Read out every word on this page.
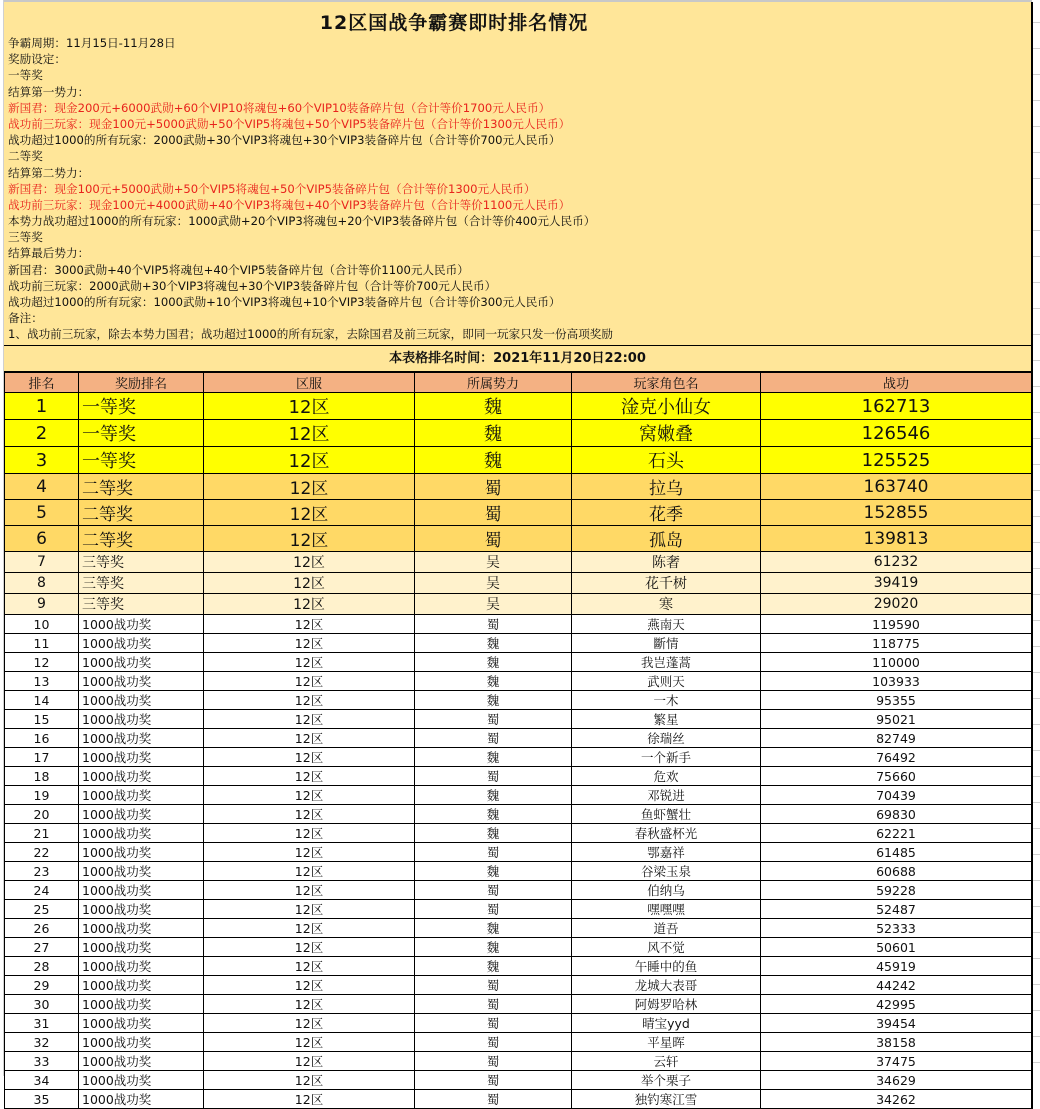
12区国战争霸赛即时排名情况
争霸周期：11月15日-11月28日
奖励设定：
一等奖
结算第一势力：
新国君：现金200元+6000武勋+60个VIP10将魂包+60个VIP10装备碎片包（合计等价1700元人民币）
战功前三玩家：现金100元+5000武勋+50个VIP5将魂包+50个VIP5装备碎片包（合计等价1300元人民币）
战功超过1000的所有玩家：2000武勋+30个VIP3将魂包+30个VIP3装备碎片包（合计等价700元人民币）
二等奖
结算第二势力：
新国君：现金100元+5000武勋+50个VIP5将魂包+50个VIP5装备碎片包（合计等价1300元人民币）
战功前三玩家：现金100元+4000武勋+40个VIP3将魂包+40个VIP3装备碎片包（合计等价1100元人民币）
本势力战功超过1000的所有玩家：1000武勋+20个VIP3将魂包+20个VIP3装备碎片包（合计等价400元人民币）
三等奖
结算最后势力：
新国君：3000武勋+40个VIP5将魂包+40个VIP5装备碎片包（合计等价1100元人民币）
战功前三玩家：2000武勋+30个VIP3将魂包+30个VIP3装备碎片包（合计等价700元人民币）
战功超过1000的所有玩家：1000武勋+10个VIP3将魂包+10个VIP3装备碎片包（合计等价300元人民币）
备注：
1、战功前三玩家，除去本势力国君；战功超过1000的所有玩家，去除国君及前三玩家，即同一玩家只发一份高项奖励
本表格排名时间：2021年11月20日22:00
排名	奖励排名	区服	所属势力	玩家角色名	战功
1	一等奖	12区	魏	淦克小仙女	162713
2	一等奖	12区	魏	窝嫩叠	126546
3	一等奖	12区	魏	石头	125525
4	二等奖	12区	蜀	拉乌	163740
5	二等奖	12区	蜀	花季	152855
6	二等奖	12区	蜀	孤岛	139813
7	三等奖	12区	吴	陈奢	61232
8	三等奖	12区	吴	花千树	39419
9	三等奖	12区	吴	寒	29020
10	1000战功奖	12区	蜀	燕南天	119590
11	1000战功奖	12区	魏	斷情	118775
12	1000战功奖	12区	魏	我岂蓬蒿	110000
13	1000战功奖	12区	魏	武则天	103933
14	1000战功奖	12区	魏	一木	95355
15	1000战功奖	12区	蜀	繁星	95021
16	1000战功奖	12区	蜀	徐瑞丝	82749
17	1000战功奖	12区	魏	一个新手	76492
18	1000战功奖	12区	蜀	危欢	75660
19	1000战功奖	12区	魏	邓锐进	70439
20	1000战功奖	12区	魏	鱼虾蟹壮	69830
21	1000战功奖	12区	魏	春秋盛杯光	62221
22	1000战功奖	12区	蜀	鄂嘉祥	61485
23	1000战功奖	12区	魏	谷梁玉泉	60688
24	1000战功奖	12区	蜀	伯纳乌	59228
25	1000战功奖	12区	蜀	嘿嘿嘿	52487
26	1000战功奖	12区	魏	道吾	52333
27	1000战功奖	12区	魏	风不觉	50601
28	1000战功奖	12区	魏	午睡中的鱼	45919
29	1000战功奖	12区	蜀	龙城大表哥	44242
30	1000战功奖	12区	蜀	阿姆罗哈林	42995
31	1000战功奖	12区	蜀	晴宝yyd	39454
32	1000战功奖	12区	蜀	平星晖	38158
33	1000战功奖	12区	蜀	云轩	37475
34	1000战功奖	12区	蜀	举个栗子	34629
35	1000战功奖	12区	蜀	独钓寒江雪	34262
